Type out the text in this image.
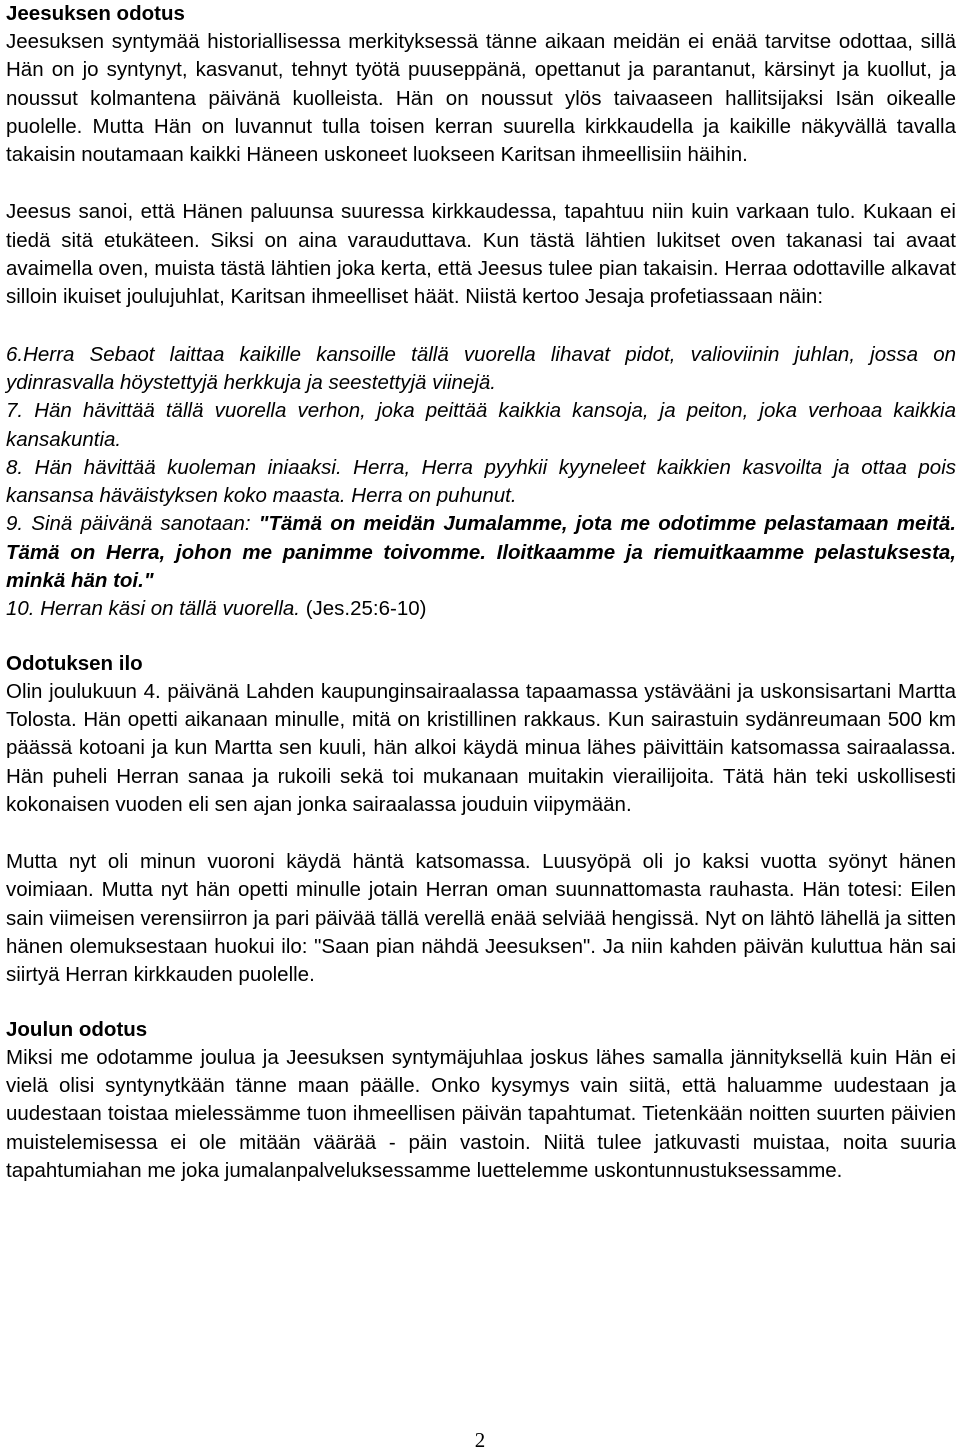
Jeesuksen odotus

Jeesuksen syntymää historiallisessa merkityksessä tänne aikaan meidän ei enää tarvitse odottaa, sillä Hän on jo syntynyt, kasvanut, tehnyt työtä puuseppänä, opettanut ja parantanut, kärsinyt ja kuollut, ja noussut kolmantena päivänä kuolleista. Hän on noussut ylös taivaaseen hallitsijaksi Isän oikealle puolelle. Mutta Hän on luvannut tulla toisen kerran suurella kirkkaudella ja kaikille näkyvällä tavalla takaisin noutamaan kaikki Häneen uskoneet luokseen Karitsan ihmeellisiin häihin.

Jeesus sanoi, että Hänen paluunsa suuressa kirkkaudessa, tapahtuu niin kuin varkaan tulo. Kukaan ei tiedä sitä etukäteen. Siksi on aina varauduttava. Kun tästä lähtien lukitset oven takanasi tai avaat avaimella oven, muista tästä lähtien joka kerta, että Jeesus tulee pian takaisin. Herraa odottaville alkavat silloin ikuiset joulujuhlat, Karitsan ihmeelliset häät. Niistä kertoo Jesaja profetiassaan näin:

6.Herra Sebaot laittaa kaikille kansoille tällä vuorella lihavat pidot, valioviinin juhlan, jossa on ydinrasvalla höystettyjä herkkuja ja seestettyjä viinejä.

7. Hän hävittää tällä vuorella verhon, joka peittää kaikkia kansoja, ja peiton, joka verhoaa kaikkia kansakuntia.

8. Hän hävittää kuoleman iniaaksi. Herra, Herra pyyhkii kyyneleet kaikkien kasvoilta ja ottaa pois kansansa häväistyksen koko maasta. Herra on puhunut.

9. Sinä päivänä sanotaan: "Tämä on meidän Jumalamme, jota me odotimme pelastamaan meitä. Tämä on Herra, johon me panimme toivomme. Iloitkaamme ja riemuitkaamme pelastuksesta, minkä hän toi."

10. Herran käsi on tällä vuorella. (Jes.25:6-10)

Odotuksen ilo

Olin joulukuun 4. päivänä Lahden kaupunginsairaalassa tapaamassa ystävääni ja uskonsisartani Martta Tolosta. Hän opetti aikanaan minulle, mitä on kristillinen rakkaus. Kun sairastuin sydänreumaan 500 km päässä kotoani ja kun Martta sen kuuli, hän alkoi käydä minua lähes päivittäin katsomassa sairaalassa. Hän puheli Herran sanaa ja rukoili sekä toi mukanaan muitakin vierailijoita. Tätä hän teki uskollisesti kokonaisen vuoden eli sen ajan jonka sairaalassa jouduin viipymään.

Mutta nyt oli minun vuoroni käydä häntä katsomassa. Luusyöpä oli jo kaksi vuotta syönyt hänen voimiaan. Mutta nyt hän opetti minulle jotain Herran oman suunnattomasta rauhasta. Hän totesi: Eilen sain viimeisen verensiirron ja pari päivää tällä verellä enää selviää hengissä. Nyt on lähtö lähellä ja sitten hänen olemuksestaan huokui ilo: "Saan pian nähdä Jeesuksen". Ja niin kahden päivän kuluttua hän sai siirtyä Herran kirkkauden puolelle.

Joulun odotus

Miksi me odotamme joulua ja Jeesuksen syntymäjuhlaa joskus lähes samalla jännityksellä kuin Hän ei vielä olisi syntynytkään tänne maan päälle. Onko kysymys vain siitä, että haluamme uudestaan ja uudestaan toistaa mielessämme tuon ihmeellisen päivän tapahtumat. Tietenkään noitten suurten päivien muistelemisessa ei ole mitään väärää - päin vastoin. Niitä tulee jatkuvasti muistaa, noita suuria tapahtumiahan me joka jumalanpalveluksessamme luettelemme uskontunnustuksessamme.

2
